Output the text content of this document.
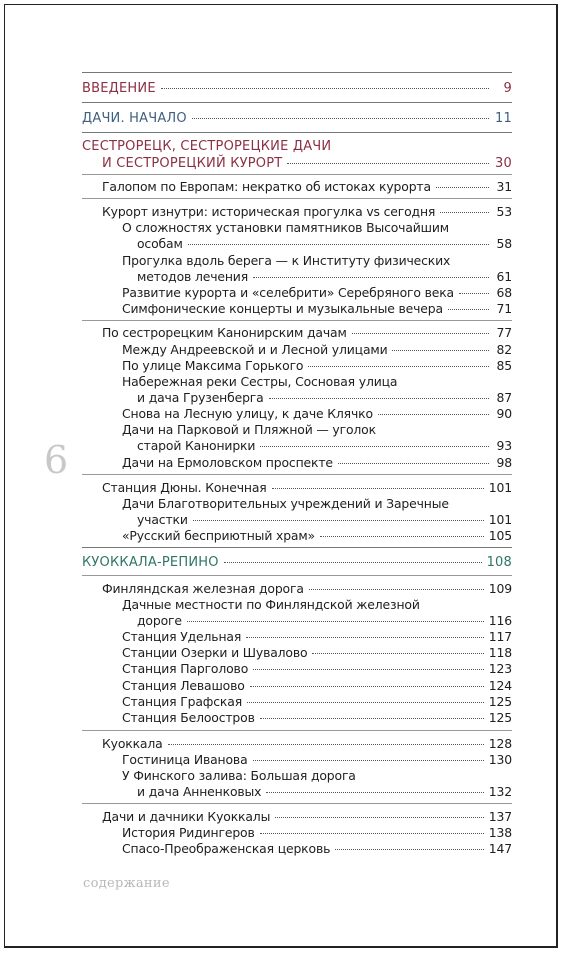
ВВЕДЕНИЕ	9
ДАЧИ. НАЧАЛО	11
СЕСТРОРЕЦК, СЕСТРОРЕЦКИЕ ДАЧИ
И СЕСТРОРЕЦКИЙ КУРОРТ	30
Галопом по Европам: некратко об истоках курорта	31
Курорт изнутри: историческая прогулка vs сегодня	53
О сложностях установки памятников Высочайшим
особам	58
Прогулка вдоль берега — к Институту физических
методов лечения	61
Развитие курорта и «селебрити» Серебряного века	68
Симфонические концерты и музыкальные вечера	71
По сестрорецким Канонирским дачам	77
Между Андреевской и и Лесной улицами	82
По улице Максима Горького	85
Набережная реки Сестры, Сосновая улица
и дача Грузенберга	87
Снова на Лесную улицу, к даче Клячко	90
Дачи на Парковой и Пляжной — уголок
старой Канонирки	93
Дачи на Ермоловском проспекте	98
Станция Дюны. Конечная	101
Дачи Благотворительных учреждений и Заречные
участки	101
«Русский бесприютный храм»	105
КУОККАЛА-РЕПИНО	108
Финляндская железная дорога	109
Дачные местности по Финляндской железной
дороге	116
Станция Удельная	117
Станции Озерки и Шувалово	118
Станция Парголово	123
Станция Левашово	124
Станция Графская	125
Станция Белоостров	125
Куоккала	128
Гостиница Иванова	130
У Финского залива: Большая дорога
и дача Анненковых	132
Дачи и дачники Куоккалы	137
История Ридингеров	138
Спасо-Преображенская церковь	147
6
содержание
